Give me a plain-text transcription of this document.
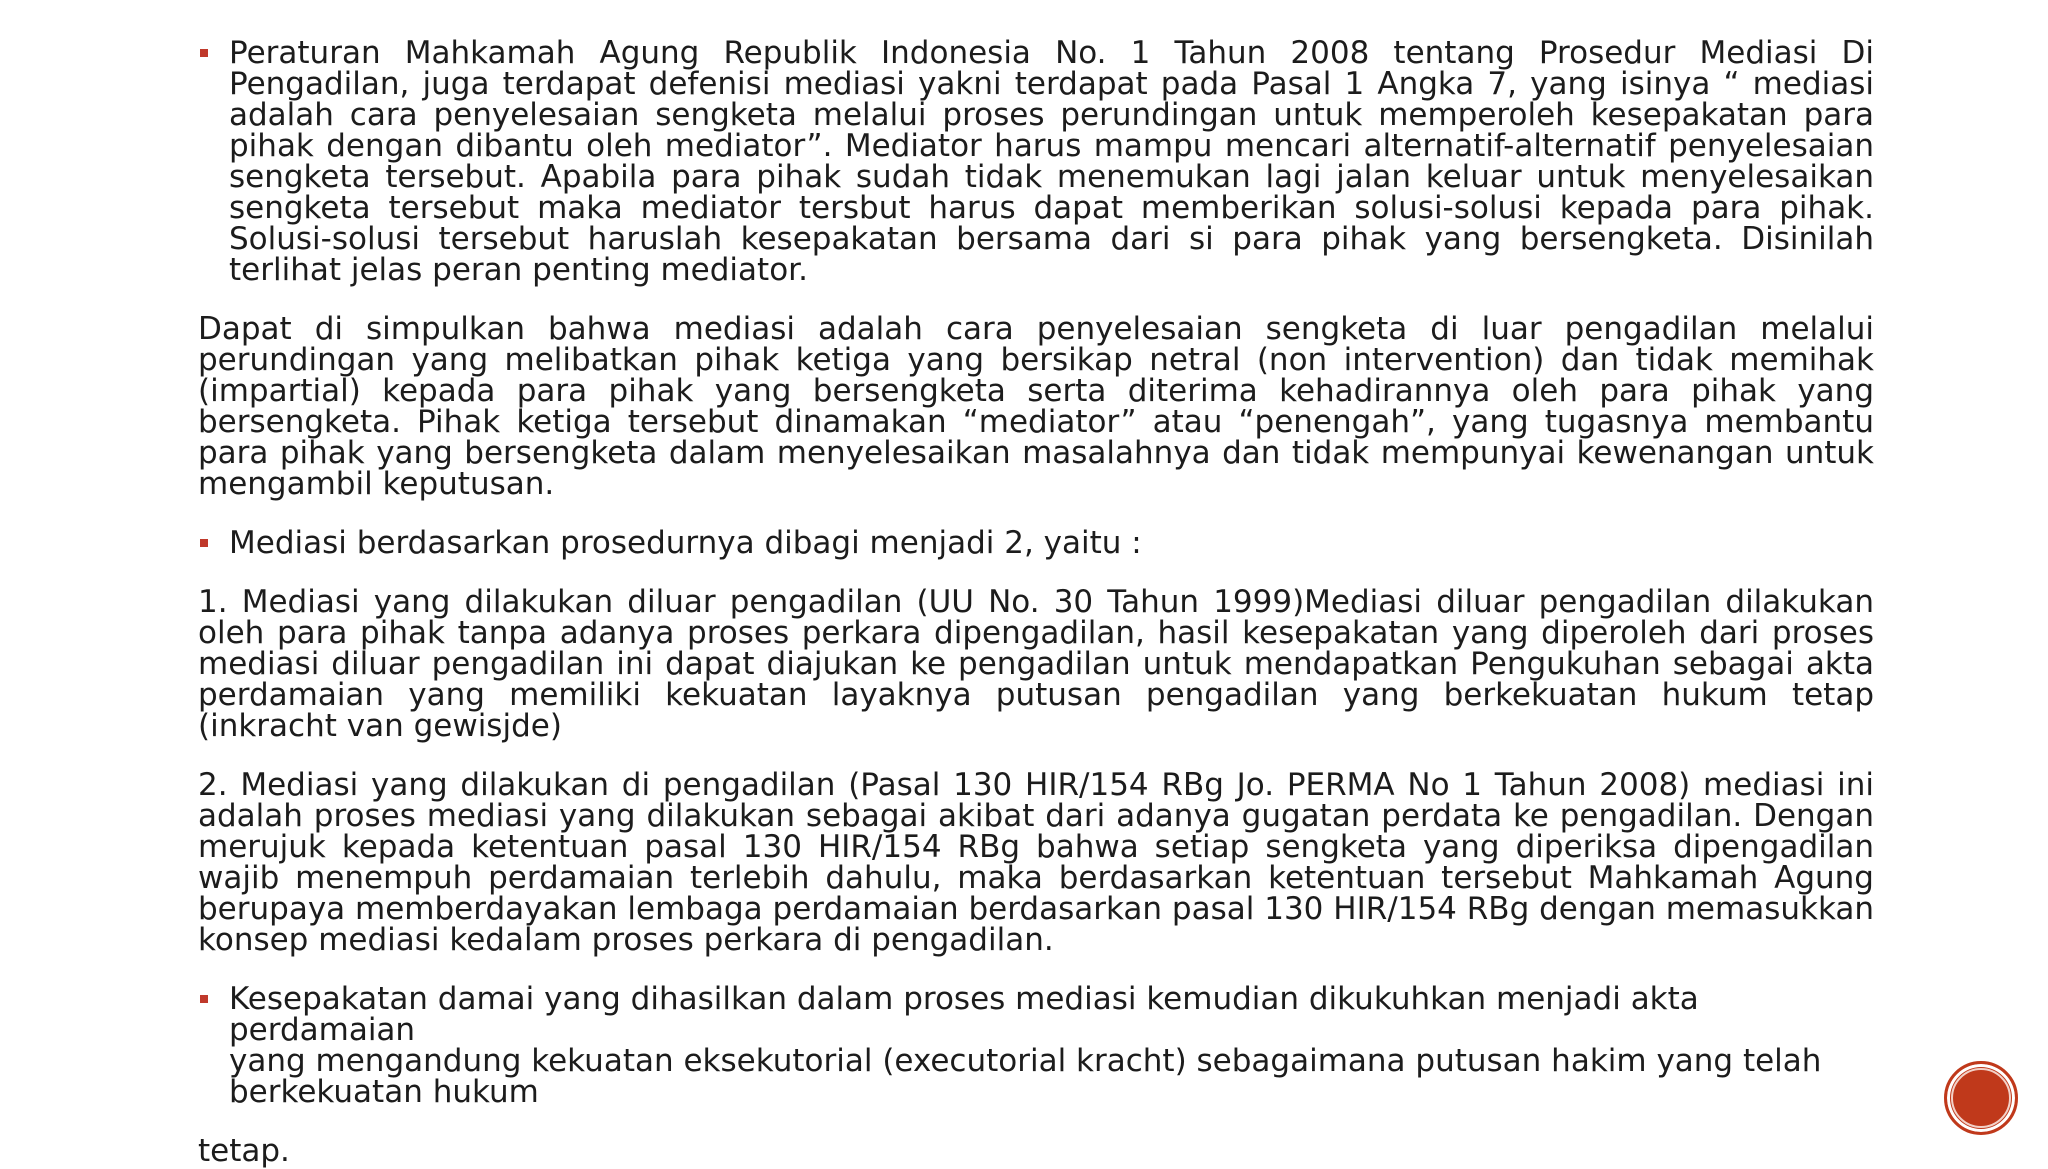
Peraturan Mahkamah Agung Republik Indonesia No. 1 Tahun 2008 tentang Prosedur Mediasi Di Pengadilan, juga terdapat defenisi mediasi yakni terdapat pada Pasal 1 Angka 7, yang isinya “ mediasi adalah cara penyelesaian sengketa melalui proses perundingan untuk memperoleh kesepakatan para pihak dengan dibantu oleh mediator”. Mediator harus mampu mencari alternatif-alternatif penyelesaian sengketa tersebut. Apabila para pihak sudah tidak menemukan lagi jalan keluar untuk menyelesaikan sengketa tersebut maka mediator tersbut harus dapat memberikan solusi-solusi kepada para pihak. Solusi-solusi tersebut haruslah kesepakatan bersama dari si para pihak yang bersengketa. Disinilah terlihat jelas peran penting mediator.
Dapat di simpulkan bahwa mediasi adalah cara penyelesaian sengketa di luar pengadilan melalui perundingan yang melibatkan pihak ketiga yang bersikap netral (non intervention) dan tidak memihak (impartial) kepada para pihak yang bersengketa serta diterima kehadirannya oleh para pihak yang bersengketa. Pihak ketiga tersebut dinamakan “mediator” atau “penengah”, yang tugasnya membantu para pihak yang bersengketa dalam menyelesaikan masalahnya dan tidak mempunyai kewenangan untuk mengambil keputusan.
Mediasi berdasarkan prosedurnya dibagi menjadi 2, yaitu :
1. Mediasi yang dilakukan diluar pengadilan (UU No. 30 Tahun 1999)Mediasi diluar pengadilan dilakukan oleh para pihak tanpa adanya proses perkara dipengadilan, hasil kesepakatan yang diperoleh dari proses mediasi diluar pengadilan ini dapat diajukan ke pengadilan untuk mendapatkan Pengukuhan sebagai akta perdamaian yang memiliki kekuatan layaknya putusan pengadilan yang berkekuatan hukum tetap (inkracht van gewisjde)
2. Mediasi yang dilakukan di pengadilan (Pasal 130 HIR/154 RBg Jo. PERMA No 1 Tahun 2008) mediasi ini adalah proses mediasi yang dilakukan sebagai akibat dari adanya gugatan perdata ke pengadilan. Dengan merujuk kepada ketentuan pasal 130 HIR/154 RBg bahwa setiap sengketa yang diperiksa dipengadilan wajib menempuh perdamaian terlebih dahulu, maka berdasarkan ketentuan tersebut Mahkamah Agung berupaya memberdayakan lembaga perdamaian berdasarkan pasal 130 HIR/154 RBg dengan memasukkan konsep mediasi kedalam proses perkara di pengadilan.
Kesepakatan damai yang dihasilkan dalam proses mediasi kemudian dikukuhkan menjadi akta perdamaian
yang mengandung kekuatan eksekutorial (executorial kracht) sebagaimana putusan hakim yang telah
berkekuatan hukum
tetap.
